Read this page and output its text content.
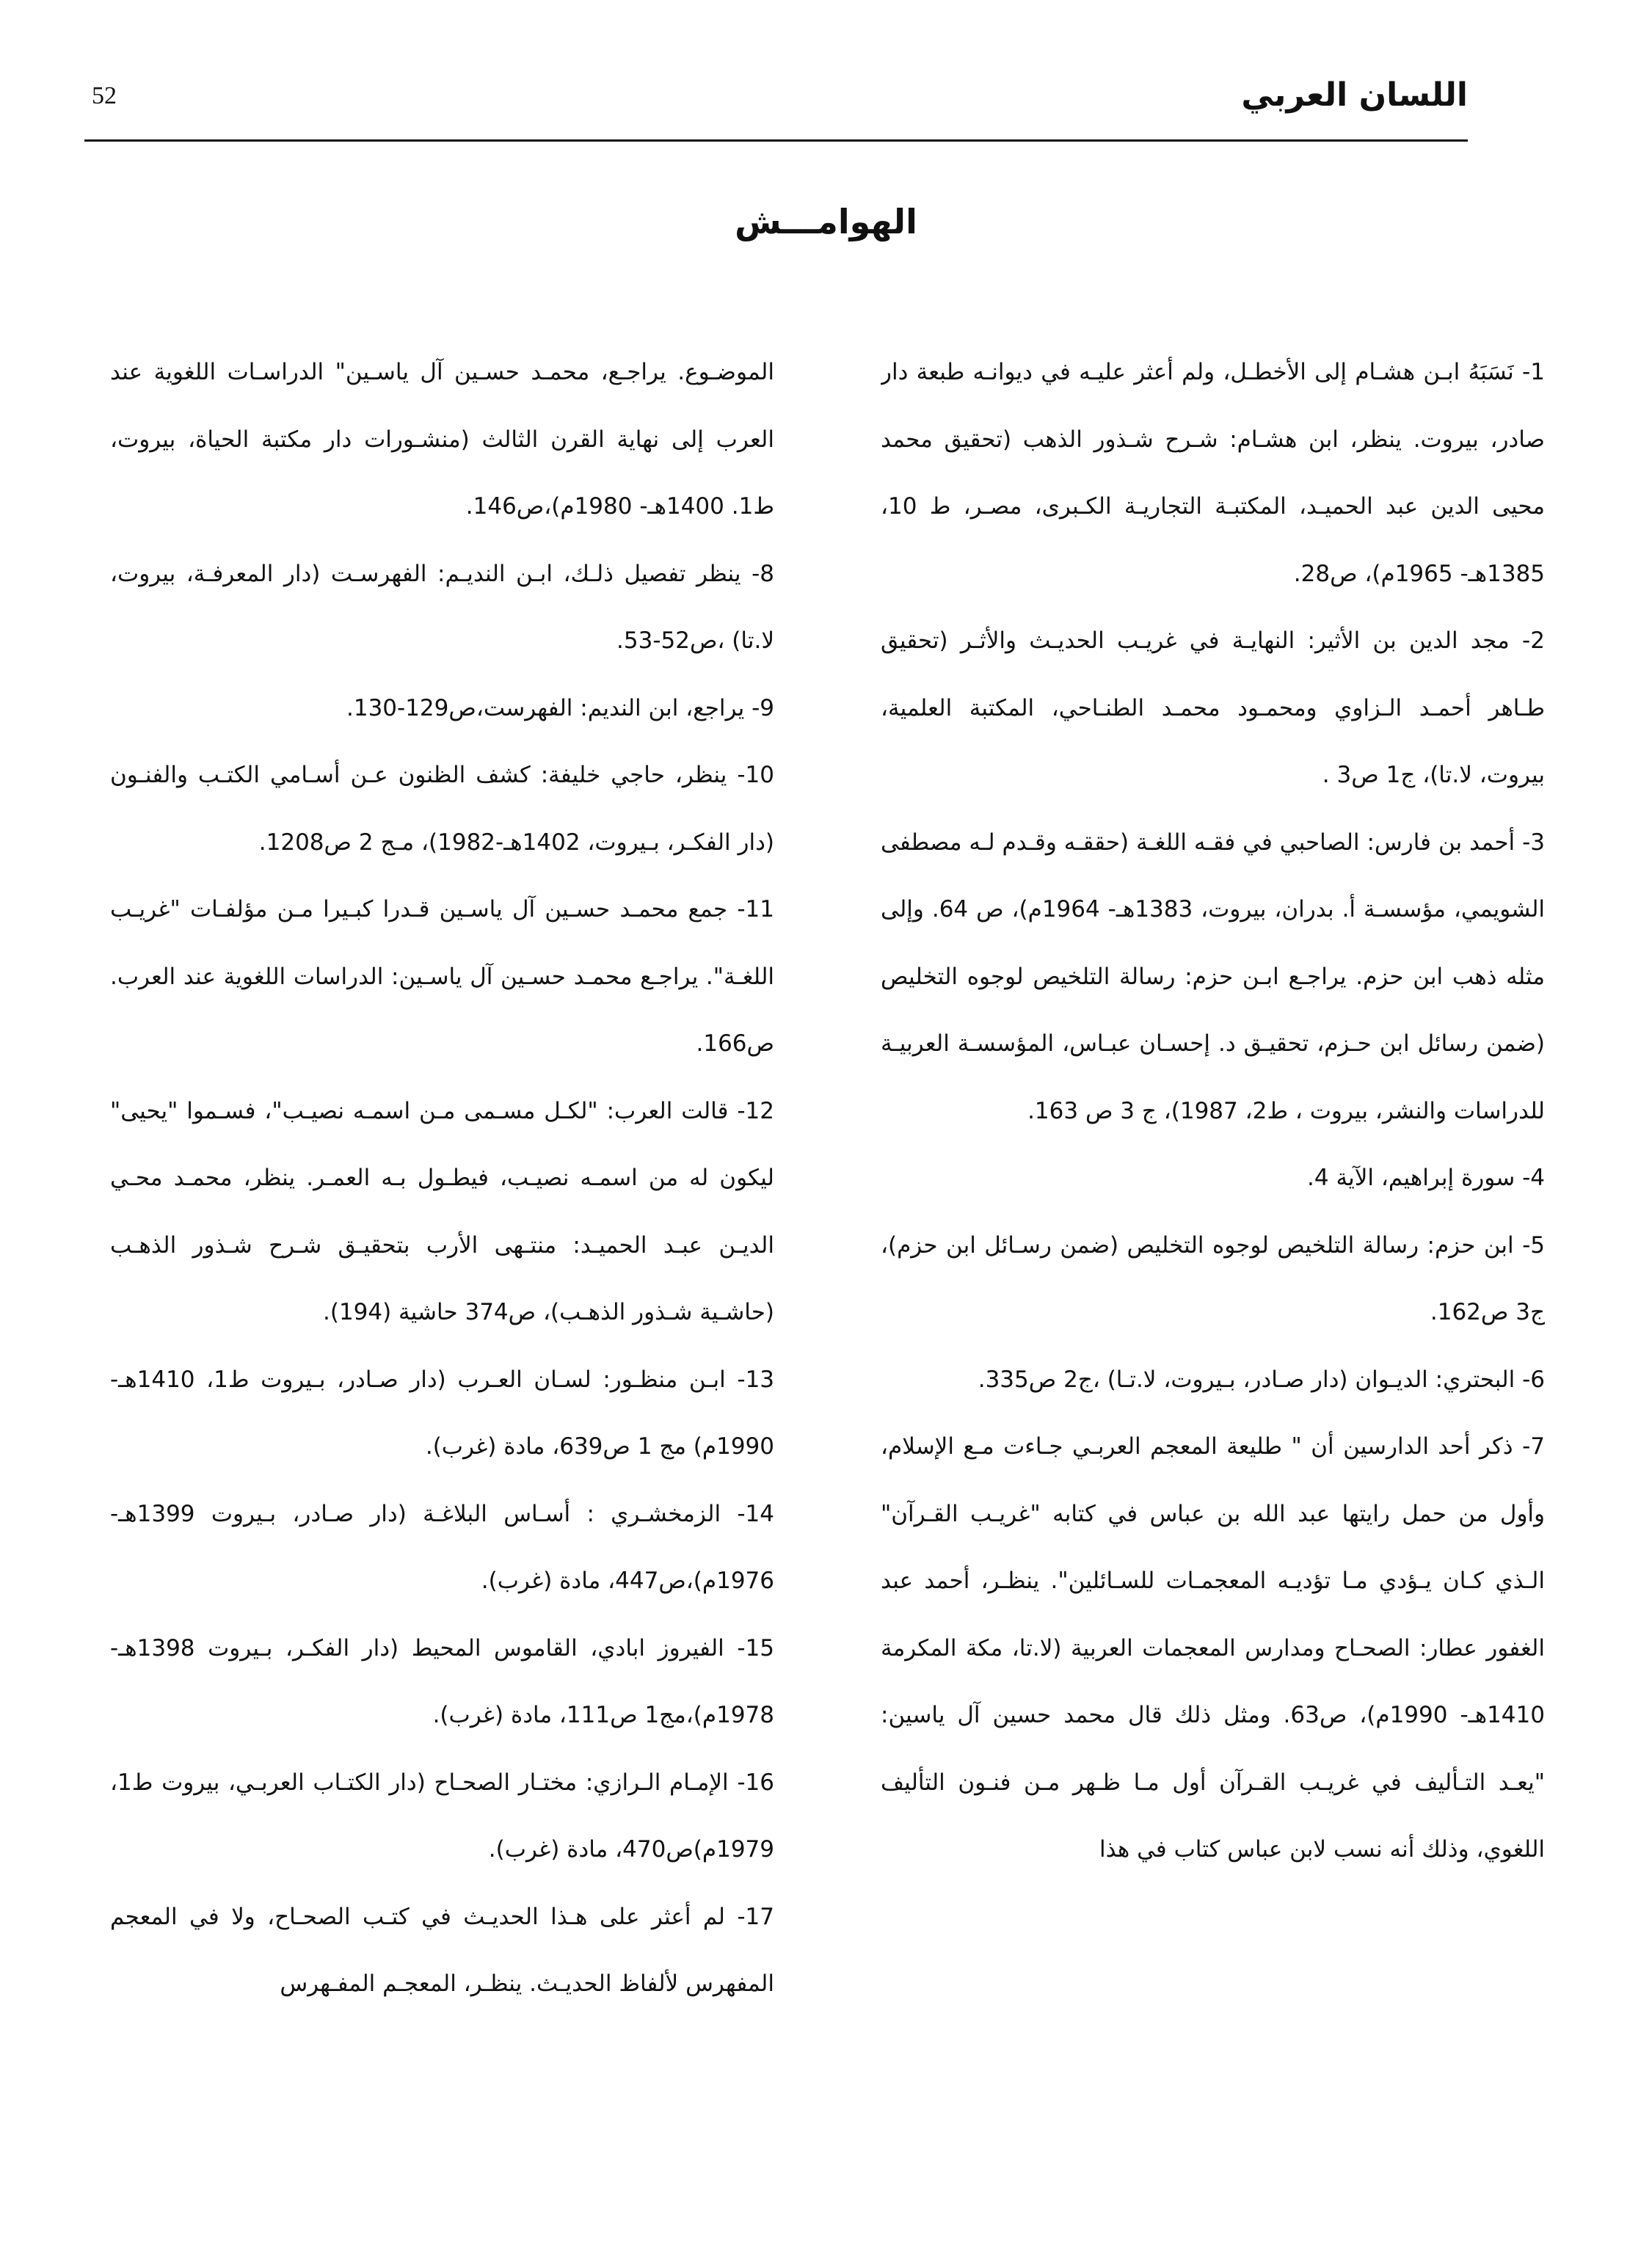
52	اللسان العربي
الهوامـــش

1- نَسَبَهُ ابـن هشـام إلى الأخطـل، ولم أعثر عليـه في ديوانـه طبعة دار صادر، بيروت. ينظر، ابن هشـام: شـرح شـذور الذهب (تحقيق محمد محيى الدين عبد الحميـد، المكتبـة التجاريـة الكـبرى، مصـر، ط 10، 1385هـ- 1965م)، ص28.

2- مجد الدين بن الأثير: النهايـة في غريـب الحديـث والأثـر (تحقيق طـاهر أحمـد الـزاوي ومحمـود محمـد الطنـاحي، المكتبة العلمية، بيروت، لا.تا)، ج1 ص3 .

3- أحمد بن فارس: الصاحبي في فقـه اللغـة (حققـه وقـدم لـه مصطفى الشويمي، مؤسسـة أ. بدران، بيروت، 1383هـ- 1964م)، ص 64. وإلى مثله ذهب ابن حزم. يراجـع ابـن حزم: رسالة التلخيص لوجوه التخليص (ضمن رسائل ابن حـزم، تحقيـق د. إحسـان عبـاس، المؤسسـة العربيـة للدراسات والنشر، بيروت ، ط2، 1987)، ج 3 ص 163.

4- سورة إبراهيم، الآية 4.

5- ابن حزم: رسالة التلخيص لوجوه التخليص (ضمن رسـائل ابن حزم)، ج3 ص162.

6- البحتري: الديـوان (دار صـادر، بـيروت، لا.تـا) ،ج2 ص335.

7- ذكر أحد الدارسين أن " طليعة المعجم العربـي جـاءت مـع الإسلام، وأول من حمل رايتها عبد الله بن عباس في كتابه "غريـب القـرآن" الـذي كـان يـؤدي مـا تؤديـه المعجمـات للسـائلين". ينظـر، أحمد عبد الغفور عطار: الصحـاح ومدارس المعجمات العربية (لا.تا، مكة المكرمة 1410هـ- 1990م)، ص63. ومثل ذلك قال محمد حسين آل ياسين: "يعـد التـأليف في غريـب القـرآن أول مـا ظـهر مـن فنـون التأليف اللغوي، وذلك أنه نسب لابن عباس كتاب في هذا

الموضـوع. يراجـع، محمـد حسـين آل ياسـين" الدراسـات اللغوية عند العرب إلى نهاية القرن الثالث (منشـورات دار مكتبة الحياة، بيروت، ط1. 1400هـ- 1980م)،ص146.

8- ينظر تفصيل ذلـك، ابـن النديـم: الفهرسـت (دار المعرفـة، بيروت، لا.تا) ،ص52-53.

9- يراجع، ابن النديم: الفهرست،ص129-130.

10- ينظر، حاجي خليفة: كشف الظنون عـن أسـامي الكتـب والفنـون (دار الفكـر، بـيروت، 1402هـ-1982)، مـج 2 ص1208.

11- جمع محمـد حسـين آل ياسـين قـدرا كبـيرا مـن مؤلفـات "غريـب اللغـة". يراجـع محمـد حسـين آل ياسـين: الدراسات اللغوية عند العرب. ص166.

12- قالت العرب: "لكـل مسـمى مـن اسمـه نصيـب"، فسـموا "يحيى" ليكون له من اسمـه نصيـب، فيطـول بـه العمـر. ينظر، محمـد محـي الديـن عبـد الحميـد: منتـهى الأرب بتحقيـق شـرح شـذور الذهـب (حاشـية شـذور الذهـب)، ص374 حاشية (194).

13- ابـن منظـور: لسـان العـرب (دار صـادر، بـيروت ط1، 1410هـ- 1990م) مج 1 ص639، مادة (غرب).

14- الزمخشـري : أسـاس البلاغـة (دار صـادر، بـيروت 1399هـ- 1976م)،ص447، مادة (غرب).

15- الفيروز ابادي، القاموس المحيط (دار الفكـر، بـيروت 1398هـ- 1978م)،مج1 ص111، مادة (غرب).

16- الإمـام الـرازي: مختـار الصحـاح (دار الكتـاب العربـي، بيروت ط1، 1979م)ص470، مادة (غرب).

17- لم أعثر على هـذا الحديـث في كتـب الصحـاح، ولا في المعجم المفهرس لألفاظ الحديـث. ينظـر، المعجـم المفـهرس
